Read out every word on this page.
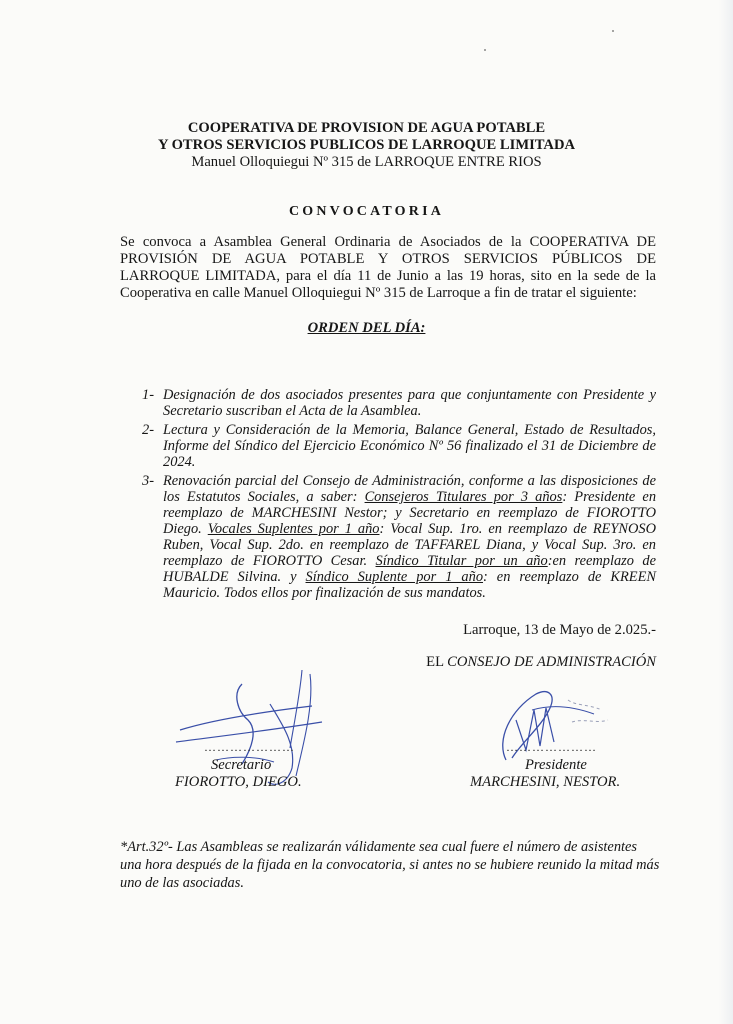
COOPERATIVA DE PROVISION DE AGUA POTABLE
Y OTROS SERVICIOS PUBLICOS DE LARROQUE LIMITADA
Manuel Olloquiegui Nº 315 de LARROQUE ENTRE RIOS
CONVOCATORIA
Se convoca a Asamblea General Ordinaria de Asociados de la COOPERATIVA DE PROVISIÓN DE AGUA POTABLE Y OTROS SERVICIOS PÚBLICOS DE LARROQUE LIMITADA, para el día 11 de Junio a las 19 horas, sito en la sede de la Cooperativa en calle Manuel Olloquiegui Nº 315 de Larroque a fin de tratar el siguiente:
ORDEN DEL DÍA:

1- Designación de dos asociados presentes para que conjuntamente con Presidente y Secretario suscriban el Acta de la Asamblea.

2- Lectura y Consideración de la Memoria, Balance General, Estado de Resultados, Informe del Síndico del Ejercicio Económico Nº 56 finalizado el 31 de Diciembre de 2024.

3- Renovación parcial del Consejo de Administración, conforme a las disposiciones de los Estatutos Sociales, a saber: Consejeros Titulares por 3 años: Presidente en reemplazo de MARCHESINI Nestor; y Secretario en reemplazo de FIOROTTO Diego. Vocales Suplentes por 1 año: Vocal Sup. 1ro. en reemplazo de REYNOSO Ruben, Vocal Sup. 2do. en reemplazo de TAFFAREL Diana, y Vocal Sup. 3ro. en reemplazo de FIOROTTO Cesar. Síndico Titular por un año:en reemplazo de HUBALDE Silvina. y Síndico Suplente por 1 año: en reemplazo de KREEN Mauricio. Todos ellos por finalización de sus mandatos.

Larroque, 13 de Mayo de 2.025.-
EL CONSEJO DE ADMINISTRACIÓN
…………………
Secretario
FIOROTTO, DIEGO.
…………………
Presidente
MARCHESINI, NESTOR.
*Art.32º- Las Asambleas se realizarán válidamente sea cual fuere el número de asistentes una hora después de la fijada en la convocatoria, si antes no se hubiere reunido la mitad más uno de las asociadas.
